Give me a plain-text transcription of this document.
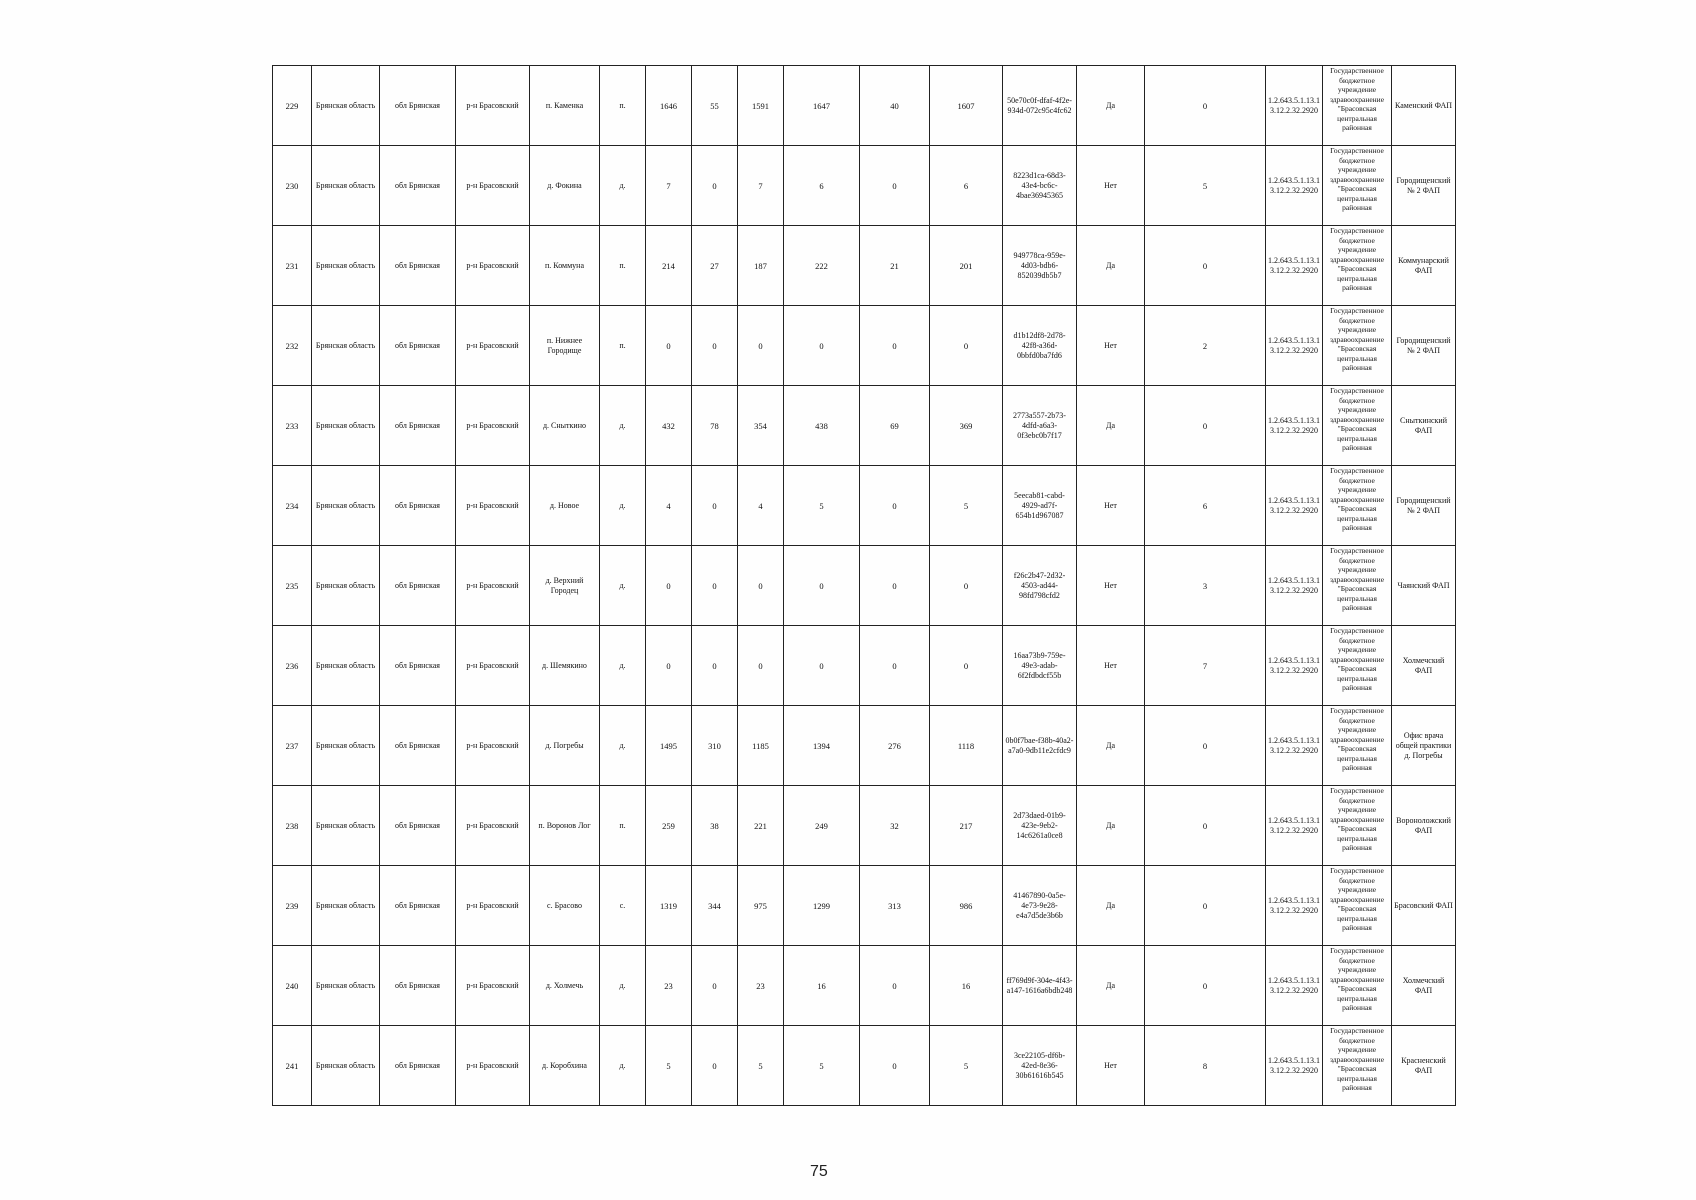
229	Брянская область	обл Брянская	р-н Брасовский	п. Каменка	п.	1646	55	1591	1647	40	1607	50e70c0f-dfaf-4f2e-934d-072c95c4fc62	Да	0	1.2.643.5.1.13.13.12.2.32.2920	Государственное бюджетное учреждение здравоохранение "Брасовская центральная районная	Каменский ФАП
230	Брянская область	обл Брянская	р-н Брасовский	д. Фокина	д.	7	0	7	6	0	6	8223d1ca-68d3-43e4-bc6c-4bae36945365	Нет	5	1.2.643.5.1.13.13.12.2.32.2920	Государственное бюджетное учреждение здравоохранение "Брасовская центральная районная	Городищенский № 2 ФАП
231	Брянская область	обл Брянская	р-н Брасовский	п. Коммуна	п.	214	27	187	222	21	201	949778ca-959e-4d03-bdb6-852039db5b7	Да	0	1.2.643.5.1.13.13.12.2.32.2920	Государственное бюджетное учреждение здравоохранение "Брасовская центральная районная	Коммунарский ФАП
232	Брянская область	обл Брянская	р-н Брасовский	п. Нижнее Городище	п.	0	0	0	0	0	0	d1b12df8-2d78-42f8-a36d-0bbfd0ba7fd6	Нет	2	1.2.643.5.1.13.13.12.2.32.2920	Государственное бюджетное учреждение здравоохранение "Брасовская центральная районная	Городищенский № 2 ФАП
233	Брянская область	обл Брянская	р-н Брасовский	д. Сныткино	д.	432	78	354	438	69	369	2773a557-2b73-4dfd-a6a3-0f3ebc0b7f17	Да	0	1.2.643.5.1.13.13.12.2.32.2920	Государственное бюджетное учреждение здравоохранение "Брасовская центральная районная	Сныткинский ФАП
234	Брянская область	обл Брянская	р-н Брасовский	д. Новое	д.	4	0	4	5	0	5	5eecab81-cabd-4929-ad7f-654b1d967087	Нет	6	1.2.643.5.1.13.13.12.2.32.2920	Государственное бюджетное учреждение здравоохранение "Брасовская центральная районная	Городищенский № 2 ФАП
235	Брянская область	обл Брянская	р-н Брасовский	д. Верхний Городец	д.	0	0	0	0	0	0	f26c2b47-2d32-4503-ad44-98fd798cfd2	Нет	3	1.2.643.5.1.13.13.12.2.32.2920	Государственное бюджетное учреждение здравоохранение "Брасовская центральная районная	Чаянский ФАП
236	Брянская область	обл Брянская	р-н Брасовский	д. Шемякино	д.	0	0	0	0	0	0	16aa73b9-759e-49e3-adab-6f2fdbdcf55b	Нет	7	1.2.643.5.1.13.13.12.2.32.2920	Государственное бюджетное учреждение здравоохранение "Брасовская центральная районная	Холмечский ФАП
237	Брянская область	обл Брянская	р-н Брасовский	д. Погребы	д.	1495	310	1185	1394	276	1118	0b0f7bae-f38b-40a2-a7a0-9db11e2cfdc9	Да	0	1.2.643.5.1.13.13.12.2.32.2920	Государственное бюджетное учреждение здравоохранение "Брасовская центральная районная	Офис врача общей практики д. Погребы
238	Брянская область	обл Брянская	р-н Брасовский	п. Воронов Лог	п.	259	38	221	249	32	217	2d73daed-01b9-423e-9eb2-14c6261a0ce8	Да	0	1.2.643.5.1.13.13.12.2.32.2920	Государственное бюджетное учреждение здравоохранение "Брасовская центральная районная	Вороноложский ФАП
239	Брянская область	обл Брянская	р-н Брасовский	с. Брасово	с.	1319	344	975	1299	313	986	41467890-0a5e-4e73-9e28-e4a7d5de3b6b	Да	0	1.2.643.5.1.13.13.12.2.32.2920	Государственное бюджетное учреждение здравоохранение "Брасовская центральная районная	Брасовский ФАП
240	Брянская область	обл Брянская	р-н Брасовский	д. Холмечь	д.	23	0	23	16	0	16	ff769d9f-304e-4f43-a147-1616a6bdb248	Да	0	1.2.643.5.1.13.13.12.2.32.2920	Государственное бюджетное учреждение здравоохранение "Брасовская центральная районная	Холмечский ФАП
241	Брянская область	обл Брянская	р-н Брасовский	д. Коробхина	д.	5	0	5	5	0	5	3ce22105-df6b-42ed-8e36-30b61616b545	Нет	8	1.2.643.5.1.13.13.12.2.32.2920	Государственное бюджетное учреждение здравоохранение "Брасовская центральная районная	Красненский ФАП
75
